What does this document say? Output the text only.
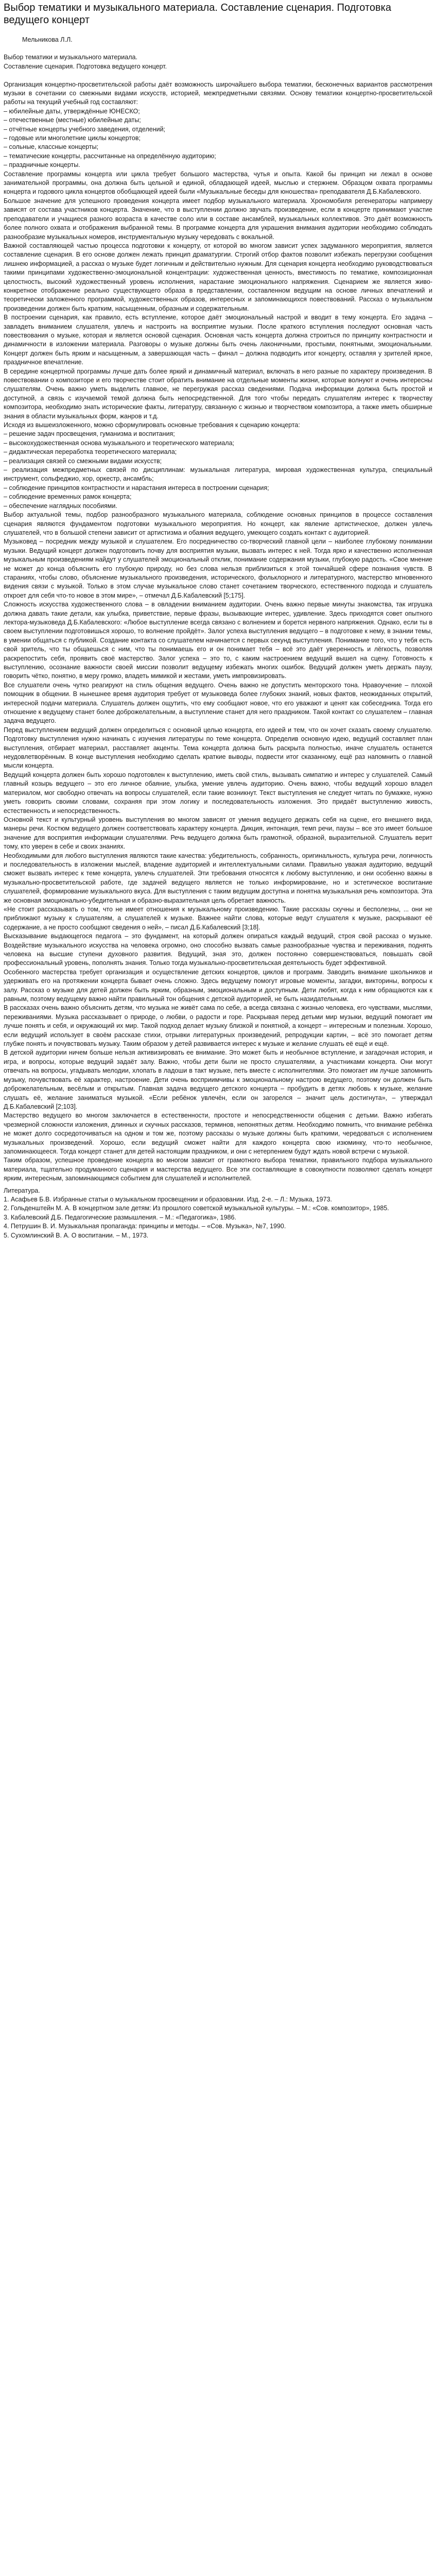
Выбор тематики и музыкального материала. Составление сценария. Подготовка ведущего концерт

Мельникова Л.Л.

Выбор тематики и музыкального материала.

Составление сценария. Подготовка ведущего концерт.

Организация концертно-просветительской работы даёт возможность широчайшего выбора тематики, бесконечных вариантов рассмотрения музыки в сочетании со смежными видами искусств, историей, межпредметными связями. Основу тематики концертно-просветительской работы на текущий учебный год составляют:

– юбилейные даты, утверждённые ЮНЕСКО;

– отечественные (местные) юбилейные даты;

– отчётные концерты учебного заведения, отделений;

– годовые или многолетние циклы концертов;

– сольные, классные концерты;

– тематические концерты, рассчитанные на определённую аудиторию;

– праздничные концерты.

Составление программы концерта или цикла требует большого мастерства, чутья и опыта. Какой бы принцип ни лежал в основе занимательной программы, она должна быть цельной и единой, обладающей идеей, мыслью и стержнем. Образцом охвата программы концерта и годового цикла концертов обобщающей идеей были «Музыкальные беседы для юношества» преподавателя Д.Б.Кабалевского.

Большое значение для успешного проведения концерта имеет подбор музыкального материала. Хрономобиля регенераторы напримеру зависят от состава участников концерта. Значение, что в выступлении должно звучать произведение, если в концерте принимают участие преподаватели и учащиеся разного возраста в качестве соло или в составе ансамблей, музыкальных коллективов. Это даёт возможность более полного охвата и отображения выбранной темы. В программе концерта для украшения внимания аудитории необходимо соблюдать разнообразие музыкальных номеров, инструментальную музыку чередовать с вокальной.

Важной составляющей частью процесса подготовки к концерту, от которой во многом зависит успех задуманного мероприятия, является составление сценария. В его основе должен лежать принцип драматургии. Строгий отбор фактов позволит избежать перегрузки сообщения лишнею информацией, а рассказ о музыке будет логичным и действительно нужным. Для сценария концерта необходимо руководствоваться такими принципами художественно-эмоциональной концентрации: художественная ценность, вместимость по тематике, композиционная целостность, высокий художественный уровень исполнения, нарастание эмоционального напряжения. Сценарием же является живо-конкретное отображение реально существующего образа в представлении, составленном ведущим на основе личных впечатлений и теоретически заложенного программой, художественных образов, интересных и запоминающихся повествований. Рассказ о музыкальном произведении должен быть кратким, насыщенным, образным и содержательным.

В построении сценария, как правило, есть вступление, которое даёт эмоциональный настрой и вводит в тему концерта. Его задача – завладеть вниманием слушателя, увлечь и настроить на восприятие музыки. После краткого вступления последуют основная часть повествования о музыке, которая и является основой сценария. Основная часть концерта должна строиться по принципу контрастности и динамичности в изложении материала. Разговоры о музыке должны быть очень лаконичными, простыми, понятными, эмоциональными. Концерт должен быть ярким и насыщенным, а завершающая часть – финал – должна подводить итог концерту, оставляя у зрителей яркое, праздничное впечатление.

В середине концертной программы лучше дать более яркий и динамичный материал, включать в него разные по характеру произведения. В повествовании о композиторе и его творчестве стоит обратить внимание на отдельные моменты жизни, которые волнуют и очень интересны слушателям. Очень важно уметь выделить главное, не перегружая рассказ сведениями. Подача информации должна быть простой и доступной, а связь с изучаемой темой должна быть непосредственной. Для того чтобы передать слушателям интерес к творчеству композитора, необходимо знать исторические факты, литературу, связанную с жизнью и творчеством композитора, а также иметь обширные знания в области музыкальных форм, жанров и т.д.

Исходя из вышеизложенного, можно сформулировать основные требования к сценарию концерта:

– решение задач просвещения, гуманизма и воспитания;

– высокохудожественная основа музыкального и теоретического материала;

– дидактическая переработка теоретического материала;

– реализация связей со смежными видами искусств;

– реализация межпредметных связей по дисциплинам: музыкальная литература, мировая художественная культура, специальный инструмент, сольфеджио, хор, оркестр, ансамбль;

– соблюдение принципов контрастности и нарастания интереса в построении сценария;

– соблюдение временных рамок концерта;

– обеспечение наглядных пособиями.

Выбор актуальной темы, подбор разнообразного музыкального материала, соблюдение основных принципов в процессе составления сценария являются фундаментом подготовки музыкального мероприятия. Но концерт, как явление артистическое, должен увлечь слушателей, что в большой степени зависит от артистизма и обаяния ведущего, умеющего создать контакт с аудиторией.

Музыковед – посредник между музыкой и слушателем. Его посредничество со-творческий главной цели – наиболее глубокому понимании музыки. Ведущий концерт должен подготовить почву для восприятия музыки, вызвать интерес к ней. Тогда ярко и качественно исполненная музыкальным произведениям найдут у слушателей эмоциональный отклик, понимание содержания музыки, глубокую радость. «Свое мнение не может до конца объяснить его глубокую природу, но без слова нельзя приблизиться к этой тончайшей сфере познания чувств. В стараниях, чтобы слово, объяснение музыкального произведения, исторического, фольклорного и литературного, мастерство мгновенного видения связи с музыкой. Только в этом случае музыкальное слово станет сочетанием творческого, естественного подхода и слушатель откроет для себя что-то новое в этом мире», – отмечал Д.Б.Кабалевский [5;175].

Сложность искусства художественного слова – в овладении вниманием аудитории. Очень важно первые минуты знакомства, так игрушка должна давать такие детали, как улыбка, приветствие, первые фразы, вызывающие интерес, удивление. Здесь приходятся совет опытного лектора-музыковеда Д.Б.Кабалевского: «Любое выступление всегда связано с волнением и борется нервного напряжения. Однако, если ты в своем выступлении подготовишься хорошо, то волнение пройдёт». Залог успеха выступления ведущего – в подготовке к нему, в знании темы, в умении общаться с публикой. Создание контакта со слушателем начинается с первых секунд выступления. Понимание того, что у тебя есть свой зритель, что ты общаешься с ним, что ты понимаешь его и он понимает тебя – всё это даёт уверенность и лёгкость, позволяя раскрепостить себя, проявить своё мастерство. Залог успеха – это то, с каким настроением ведущий вышел на сцену. Готовность к выступлению, осознание важности своей миссии позволит ведущему избежать многих ошибок. Ведущий должен уметь держать паузу, говорить чётко, понятно, в меру громко, владеть мимикой и жестами, уметь импровизировать.

Все слушатели очень чутко реагируют на стиль общения ведущего. Очень важно не допустить менторского тона. Нравоучение – плохой помощник в общении. В нынешнее время аудитория требует от музыковеда более глубоких знаний, новых фактов, неожиданных открытий, интересной подачи материала. Слушатель должен ощутить, что ему сообщают новое, что его уважают и ценят как собеседника. Тогда его отношение к ведущему станет более доброжелательным, а выступление станет для него праздником. Такой контакт со слушателем – главная задача ведущего.

Перед выступлением ведущий должен определиться с основной целью концерта, его идеей и тем, что он хочет сказать своему слушателю. Подготовку выступления нужно начинать с изучения литературы по теме концерта. Определив основную идею, ведущий составляет план выступления, отбирает материал, расставляет акценты. Тема концерта должна быть раскрыта полностью, иначе слушатель останется неудовлетворённым. В конце выступления необходимо сделать краткие выводы, подвести итог сказанному, ещё раз напомнить о главной мысли концерта.

Ведущий концерта должен быть хорошо подготовлен к выступлению, иметь свой стиль, вызывать симпатию и интерес у слушателей. Самый главный козырь ведущего – это его личное обаяние, улыбка, умение увлечь аудиторию. Очень важно, чтобы ведущий хорошо владел материалом, мог свободно отвечать на вопросы слушателей, если такие возникнут. Текст выступления не следует читать по бумажке, нужно уметь говорить своими словами, сохраняя при этом логику и последовательность изложения. Это придаёт выступлению живость, естественность и непосредственность.

Основной текст и культурный уровень выступления во многом зависят от умения ведущего держать себя на сцене, его внешнего вида, манеры речи. Костюм ведущего должен соответствовать характеру концерта. Дикция, интонация, темп речи, паузы – все это имеет большое значение для восприятия информации слушателями. Речь ведущего должна быть грамотной, образной, выразительной. Слушатель верит тому, кто уверен в себе и своих знаниях.

Необходимыми для любого выступления являются такие качества: убедительность, собранность, оригинальность, культура речи, логичность и последовательность в изложении мыслей, владение аудиторией и интеллектуальными силами. Правильно уважая аудиторию, ведущий сможет вызвать интерес к теме концерта, увлечь слушателей. Эти требования относятся к любому выступлению, и они особенно важны в музыкально-просветительской работе, где задачей ведущего является не только информирование, но и эстетическое воспитание слушателей, формирование музыкального вкуса. Для выступления с таким ведущим доступна и понятна музыкальная речь композитора. Эта же основная эмоционально-убедительная и образно-выразительная цель обретает важность.

«Не стоит рассказывать о том, что не имеет отношения к музыкальному произведению. Такие рассказы скучны и бесполезны, ... они не приближают музыку к слушателям, а слушателей к музыке. Важнее найти слова, которые ведут слушателя к музыке, раскрывают её содержание, а не просто сообщают сведения о ней», – писал Д.Б.Кабалевский [3;18].

Высказывание выдающегося педагога – это фундамент, на который должен опираться каждый ведущий, строя свой рассказ о музыке. Воздействие музыкального искусства на человека огромно, оно способно вызвать самые разнообразные чувства и переживания, поднять человека на высшие ступени духовного развития. Ведущий, зная это, должен постоянно совершенствоваться, повышать свой профессиональный уровень, пополнять знания. Только тогда музыкально-просветительская деятельность будет эффективной.

Особенного мастерства требует организация и осуществление детских концертов, циклов и программ. Заводить внимание школьников и удерживать его на протяжении концерта бывает очень сложно. Здесь ведущему помогут игровые моменты, загадки, викторины, вопросы к залу. Рассказ о музыке для детей должен быть ярким, образным, эмоциональным и доступным. Дети любят, когда к ним обращаются как к равным, поэтому ведущему важно найти правильный тон общения с детской аудиторией, не быть назидательным.

В рассказах очень важно объяснить детям, что музыка не живёт сама по себе, а всегда связана с жизнью человека, его чувствами, мыслями, переживаниями. Музыка рассказывает о природе, о любви, о радости и горе. Раскрывая перед детьми мир музыки, ведущий помогает им лучше понять и себя, и окружающий их мир. Такой подход делает музыку близкой и понятной, а концерт – интересным и полезным. Хорошо, если ведущий использует в своём рассказе стихи, отрывки литературных произведений, репродукции картин, – всё это помогает детям глубже понять и почувствовать музыку. Таким образом у детей развивается интерес к музыке и желание слушать её ещё и ещё.

В детской аудитории ничем больше нельзя активизировать ее внимание. Это может быть и необычное вступление, и загадочная история, и игра, и вопросы, которые ведущий задаёт залу. Важно, чтобы дети были не просто слушателями, а участниками концерта. Они могут отвечать на вопросы, угадывать мелодии, хлопать в ладоши в такт музыке, петь вместе с исполнителями. Это помогает им лучше запомнить музыку, почувствовать её характер, настроение. Дети очень восприимчивы к эмоциональному настрою ведущего, поэтому он должен быть доброжелательным, весёлым и открытым. Главная задача ведущего детского концерта – пробудить в детях любовь к музыке, желание слушать её, желание заниматься музыкой. «Если ребёнок увлечён, если он загорелся – значит цель достигнута», – утверждал Д.Б.Кабалевский [2;103].

Мастерство ведущего во многом заключается в естественности, простоте и непосредственности общения с детьми. Важно избегать чрезмерной сложности изложения, длинных и скучных рассказов, терминов, непонятных детям. Необходимо помнить, что внимание ребёнка не может долго сосредоточиваться на одном и том же, поэтому рассказы о музыке должны быть краткими, чередоваться с исполнением музыкальных произведений. Хорошо, если ведущий сможет найти для каждого концерта свою изюминку, что-то необычное, запоминающееся. Тогда концерт станет для детей настоящим праздником, и они с нетерпением будут ждать новой встречи с музыкой.

Таким образом, успешное проведение концерта во многом зависит от грамотного выбора тематики, правильного подбора музыкального материала, тщательно продуманного сценария и мастерства ведущего. Все эти составляющие в совокупности позволяют сделать концерт ярким, интересным, запоминающимся событием для слушателей и исполнителей.

Литература.

1. Асафьев Б.В. Избранные статьи о музыкальном просвещении и образовании. Изд. 2-е. – Л.: Музыка, 1973.

2. Гольденштейн М. А. В концертном зале детям: Из прошлого советской музыкальной культуры. – М.: «Сов. композитор», 1985.

3. Кабалевский Д.Б. Педагогические размышления. – М.: «Педагогика», 1986.

4. Петрушин В. И. Музыкальная пропаганда: принципы и методы. – «Сов. Музыка», №7, 1990.

5. Сухомлинский В. А. О воспитании. – М., 1973.
